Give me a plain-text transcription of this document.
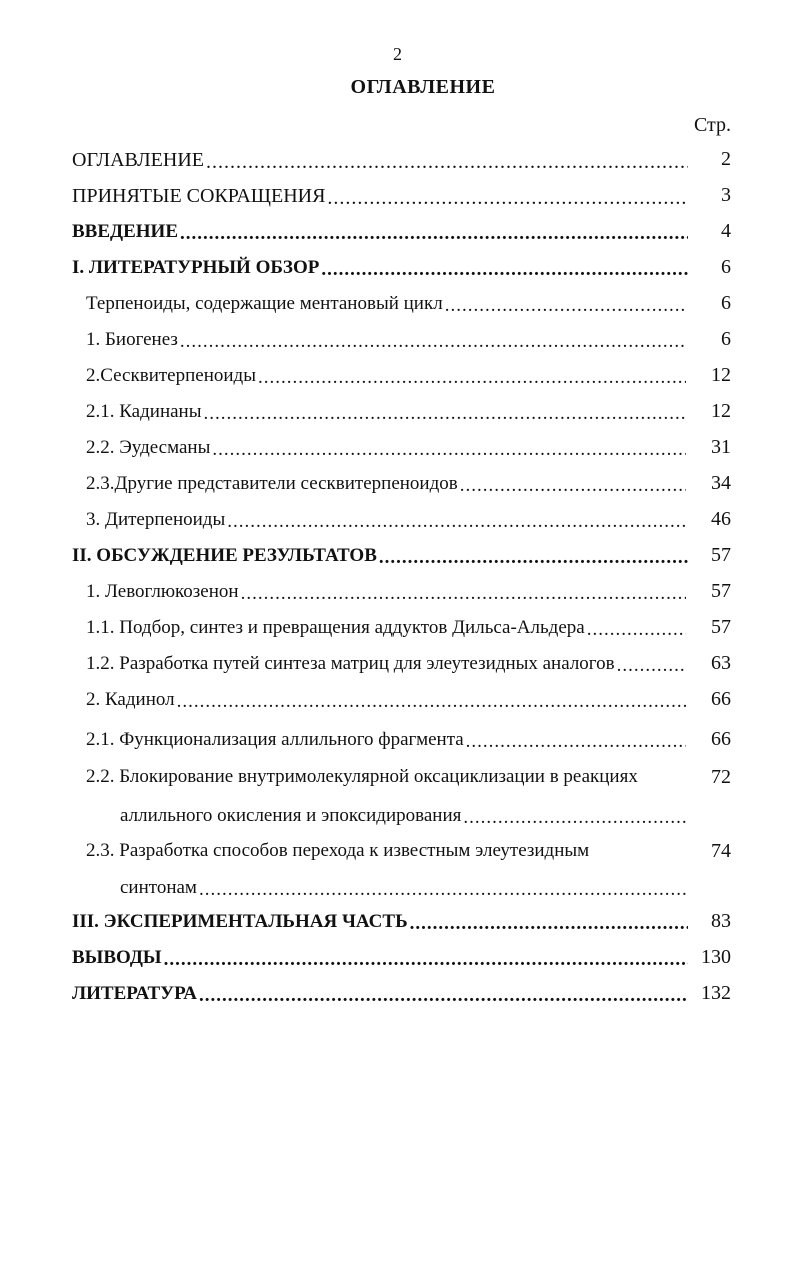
2
ОГЛАВЛЕНИЕ
Стр.
ОГЛАВЛЕНИЕ .....	2
ПРИНЯТЫЕ СОКРАЩЕНИЯ .....	3
ВВЕДЕНИЕ .....	4
I. ЛИТЕРАТУРНЫЙ ОБЗОР .....	6
Терпеноиды, содержащие ментановый цикл .....	6
1. Биогенез .....	6
2.Сесквитерпеноиды .....	12
2.1. Кадинаны .....	12
2.2. Эудесманы .....	31
2.3.Другие представители сесквитерпеноидов .....	34
3. Дитерпеноиды .....	46
II. ОБСУЖДЕНИЕ РЕЗУЛЬТАТОВ .....	57
1. Левоглюкозенон .....	57
1.1. Подбор, синтез и превращения аддуктов Дильса-Альдера .....	57
1.2. Разработка путей синтеза матриц для элеутезидных аналогов .....	63
2. Кадинол .....	66
2.1. Функционализация аллильного фрагмента .....	66
2.2. Блокирование внутримолекулярной оксациклизации в реакциях	72
аллильного окисления и эпоксидирования
.....
2.3. Разработка способов перехода к известным элеутезидным	74
синтонам
.....
III. ЭКСПЕРИМЕНТАЛЬНАЯ ЧАСТЬ .....	83
ВЫВОДЫ .....	130
ЛИТЕРАТУРА .....	132
